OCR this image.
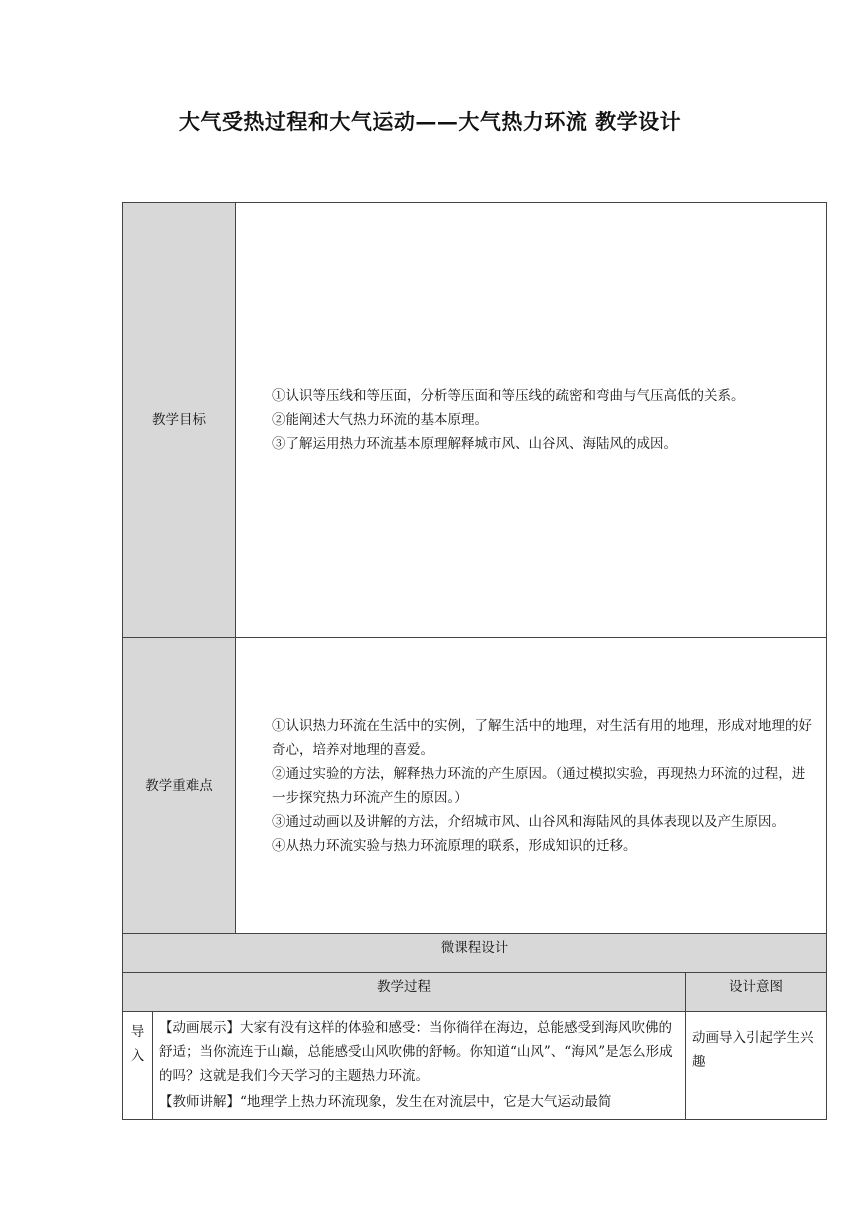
大气受热过程和大气运动——大气热力环流 教学设计
教学目标		①认识等压线和等压面，分析等压面和等压线的疏密和弯曲与气压高低的关系。

②能阐述大气热力环流的基本原理。

③了解运用热力环流基本原理解释城市风、山谷风、海陆风的成因。	

教学重难点		①认识热力环流在生活中的实例，了解生活中的地理，对生活有用的地理，形成对地理的好奇心，培养对地理的喜爱。

②通过实验的方法，解释热力环流的产生原因。（通过模拟实验，再现热力环流的过程，进一步探究热力环流产生的原因。）

③通过动画以及讲解的方法，介绍城市风、山谷风和海陆风的具体表现以及产生原因。

④从热力环流实验与热力环流原理的联系，形成知识的迁移。	

微课程设计			
教学过程			设计意图

导入	【动画展示】大家有没有这样的体验和感受：当你徜徉在海边，总能感受到海风吹佛的舒适；当你流连于山巅，总能感受山风吹佛的舒畅。你知道“山风”、“海风”是怎么形成的吗？这就是我们今天学习的主题热力环流。

【教师讲解】“地理学上热力环流现象，发生在对流层中，它是大气运动最简		动画导入引起学生兴趣
